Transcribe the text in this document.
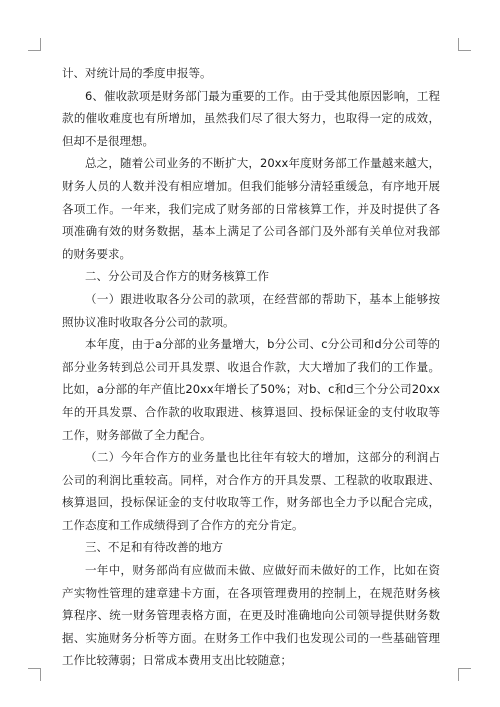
计、对统计局的季度申报等。

6、催收款项是财务部门最为重要的工作。由于受其他原因影响，工程款的催收难度也有所增加，虽然我们尽了很大努力，也取得一定的成效，但却不是很理想。

总之，随着公司业务的不断扩大，20xx年度财务部工作量越来越大，财务人员的人数并没有相应增加。但我们能够分清轻重缓急，有序地开展各项工作。一年来，我们完成了财务部的日常核算工作，并及时提供了各项准确有效的财务数据，基本上满足了公司各部门及外部有关单位对我部的财务要求。

二、分公司及合作方的财务核算工作

（一）跟进收取各分公司的款项，在经营部的帮助下，基本上能够按照协议准时收取各分公司的款项。

本年度，由于a分部的业务量增大，b分公司、c分公司和d分公司等的部分业务转到总公司开具发票、收退合作款，大大增加了我们的工作量。比如，a分部的年产值比20xx年增长了50%；对b、c和d三个分公司20xx年的开具发票、合作款的收取跟进、核算退回、投标保证金的支付收取等工作，财务部做了全力配合。

（二）今年合作方的业务量也比往年有较大的增加，这部分的利润占公司的利润比重较高。同样，对合作方的开具发票、工程款的收取跟进、核算退回，投标保证金的支付收取等工作，财务部也全力予以配合完成，工作态度和工作成绩得到了合作方的充分肯定。

三、不足和有待改善的地方

一年中，财务部尚有应做而未做、应做好而未做好的工作，比如在资产实物性管理的建章建卡方面，在各项管理费用的控制上，在规范财务核算程序、统一财务管理表格方面，在更及时准确地向公司领导提供财务数据、实施财务分析等方面。在财务工作中我们也发现公司的一些基础管理工作比较薄弱；日常成本费用支出比较随意；
